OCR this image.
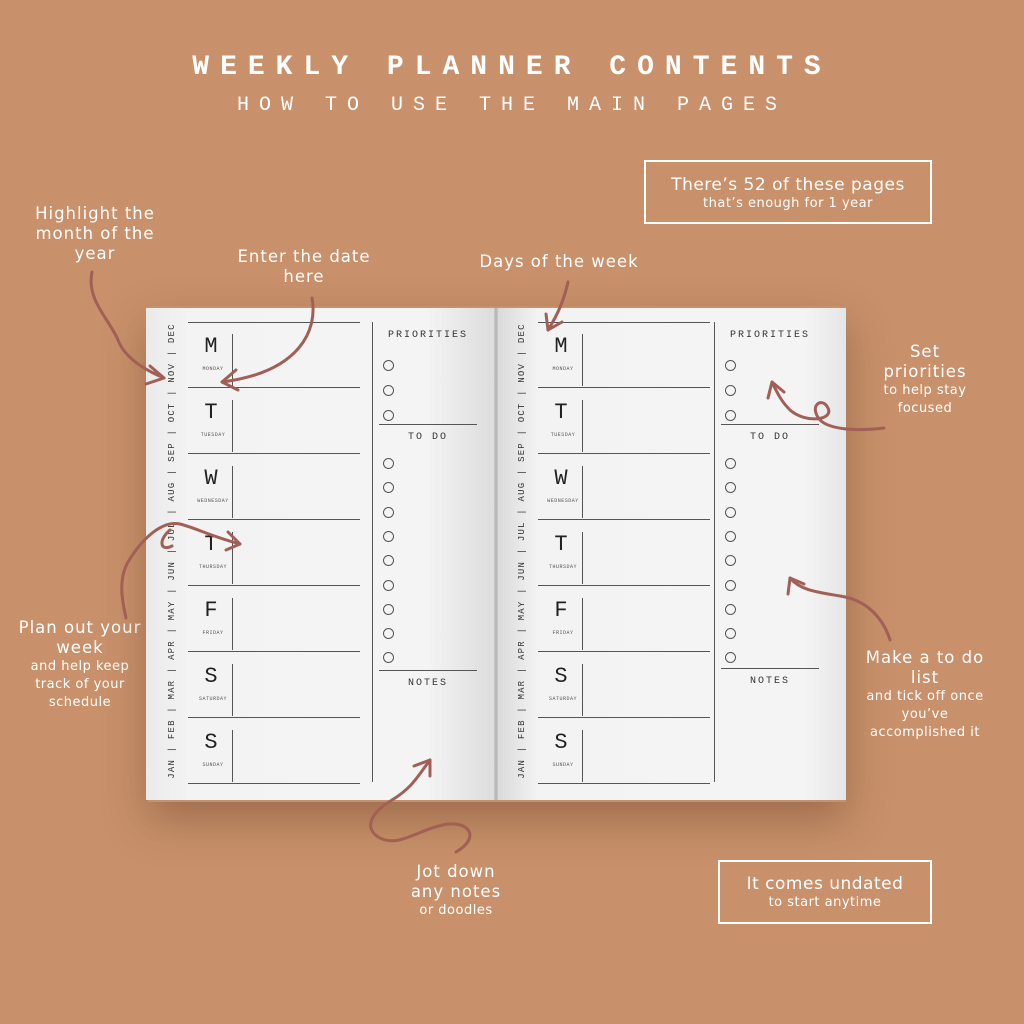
WEEKLY PLANNER CONTENTS
HOW TO USE THE MAIN PAGES
There’s 52 of these pages
that’s enough for 1 year
It comes undated
to start anytime
Highlight the month of the year	Enter the date here
Days of the week
Set priorities
to help stay focused
Plan out your week
and help keep track of your schedule
Make a to do list
and tick off once you’ve accomplished it
Jot down any notes
or doodles
JAN | FEB | MAR | APR | MAY | JUN | JUL | AUG | SEP | OCT | NOV | DEC	M
MONDAY
T
TUESDAY
W
WEDNESDAY
T
THURSDAY
F
FRIDAY
S
SATURDAY
S
SUNDAY
PRIORITIES
TO DO
NOTES	JAN | FEB | MAR | APR | MAY | JUN | JUL | AUG | SEP | OCT | NOV | DEC	M
MONDAY
T
TUESDAY
W
WEDNESDAY
T
THURSDAY
F
FRIDAY
S
SATURDAY
S
SUNDAY
PRIORITIES
TO DO
NOTES
